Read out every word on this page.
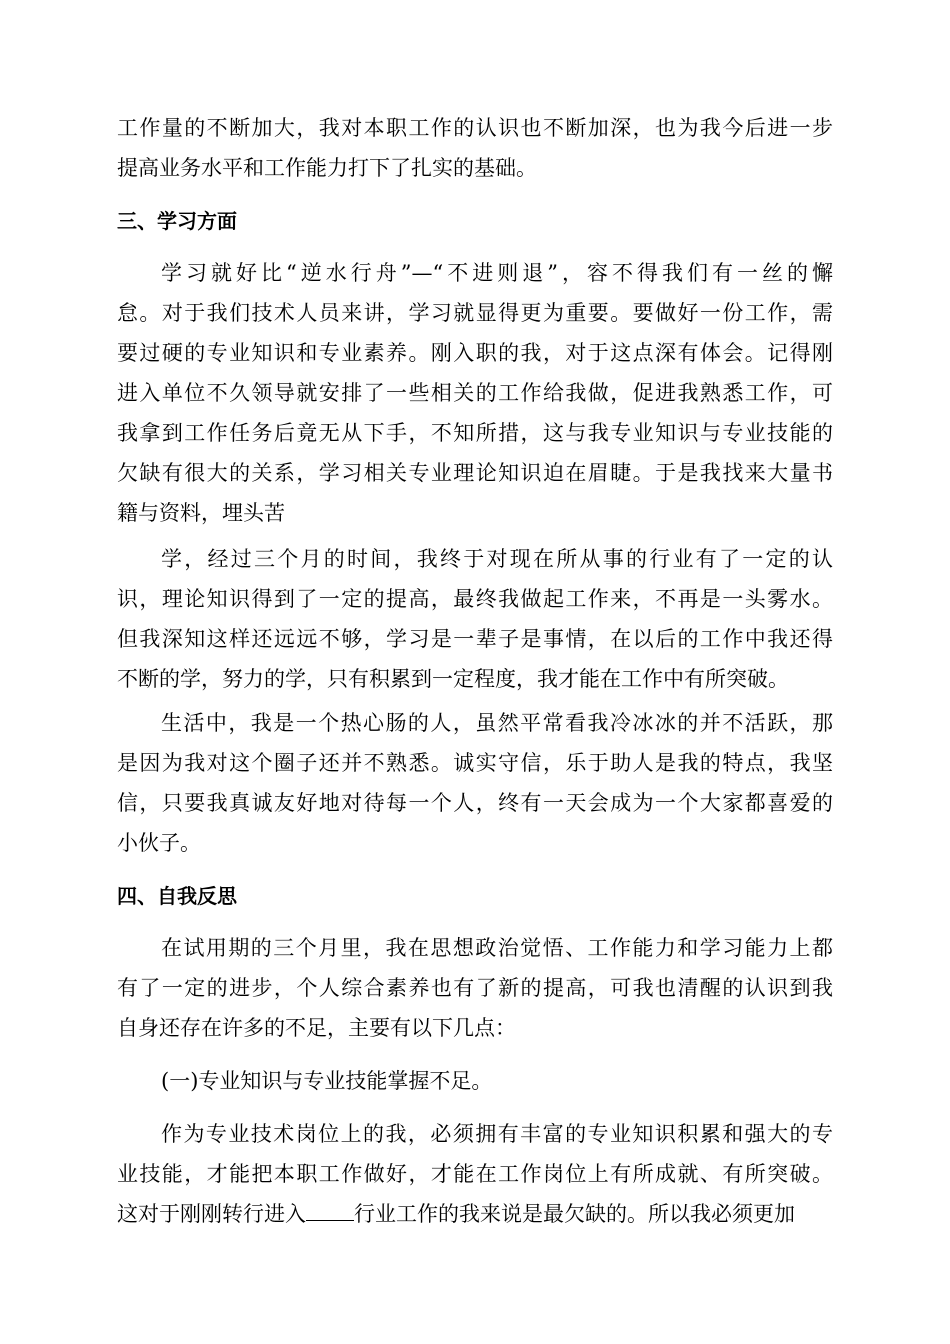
工作量的不断加大，我对本职工作的认识也不断加深，也为我今后进一步
提高业务水平和工作能力打下了扎实的基础。
三、学习方面
学习就好比“逆水行舟”—“不进则退”，容不得我们有一丝的懈
怠。对于我们技术人员来讲，学习就显得更为重要。要做好一份工作，需
要过硬的专业知识和专业素养。刚入职的我，对于这点深有体会。记得刚
进入单位不久领导就安排了一些相关的工作给我做，促进我熟悉工作，可
我拿到工作任务后竟无从下手，不知所措，这与我专业知识与专业技能的
欠缺有很大的关系，学习相关专业理论知识迫在眉睫。于是我找来大量书
籍与资料，埋头苦
学，经过三个月的时间，我终于对现在所从事的行业有了一定的认
识，理论知识得到了一定的提高，最终我做起工作来，不再是一头雾水。
但我深知这样还远远不够，学习是一辈子是事情，在以后的工作中我还得
不断的学，努力的学，只有积累到一定程度，我才能在工作中有所突破。
生活中，我是一个热心肠的人，虽然平常看我冷冰冰的并不活跃，那
是因为我对这个圈子还并不熟悉。诚实守信，乐于助人是我的特点，我坚
信，只要我真诚友好地对待每一个人，终有一天会成为一个大家都喜爱的
小伙子。
四、自我反思
在试用期的三个月里，我在思想政治觉悟、工作能力和学习能力上都
有了一定的进步，个人综合素养也有了新的提高，可我也清醒的认识到我
自身还存在许多的不足，主要有以下几点：
(一)专业知识与专业技能掌握不足。
作为专业技术岗位上的我，必须拥有丰富的专业知识积累和强大的专
业技能，才能把本职工作做好，才能在工作岗位上有所成就、有所突破。
这对于刚刚转行进入 行业工作的我来说是最欠缺的。所以我必须更加
